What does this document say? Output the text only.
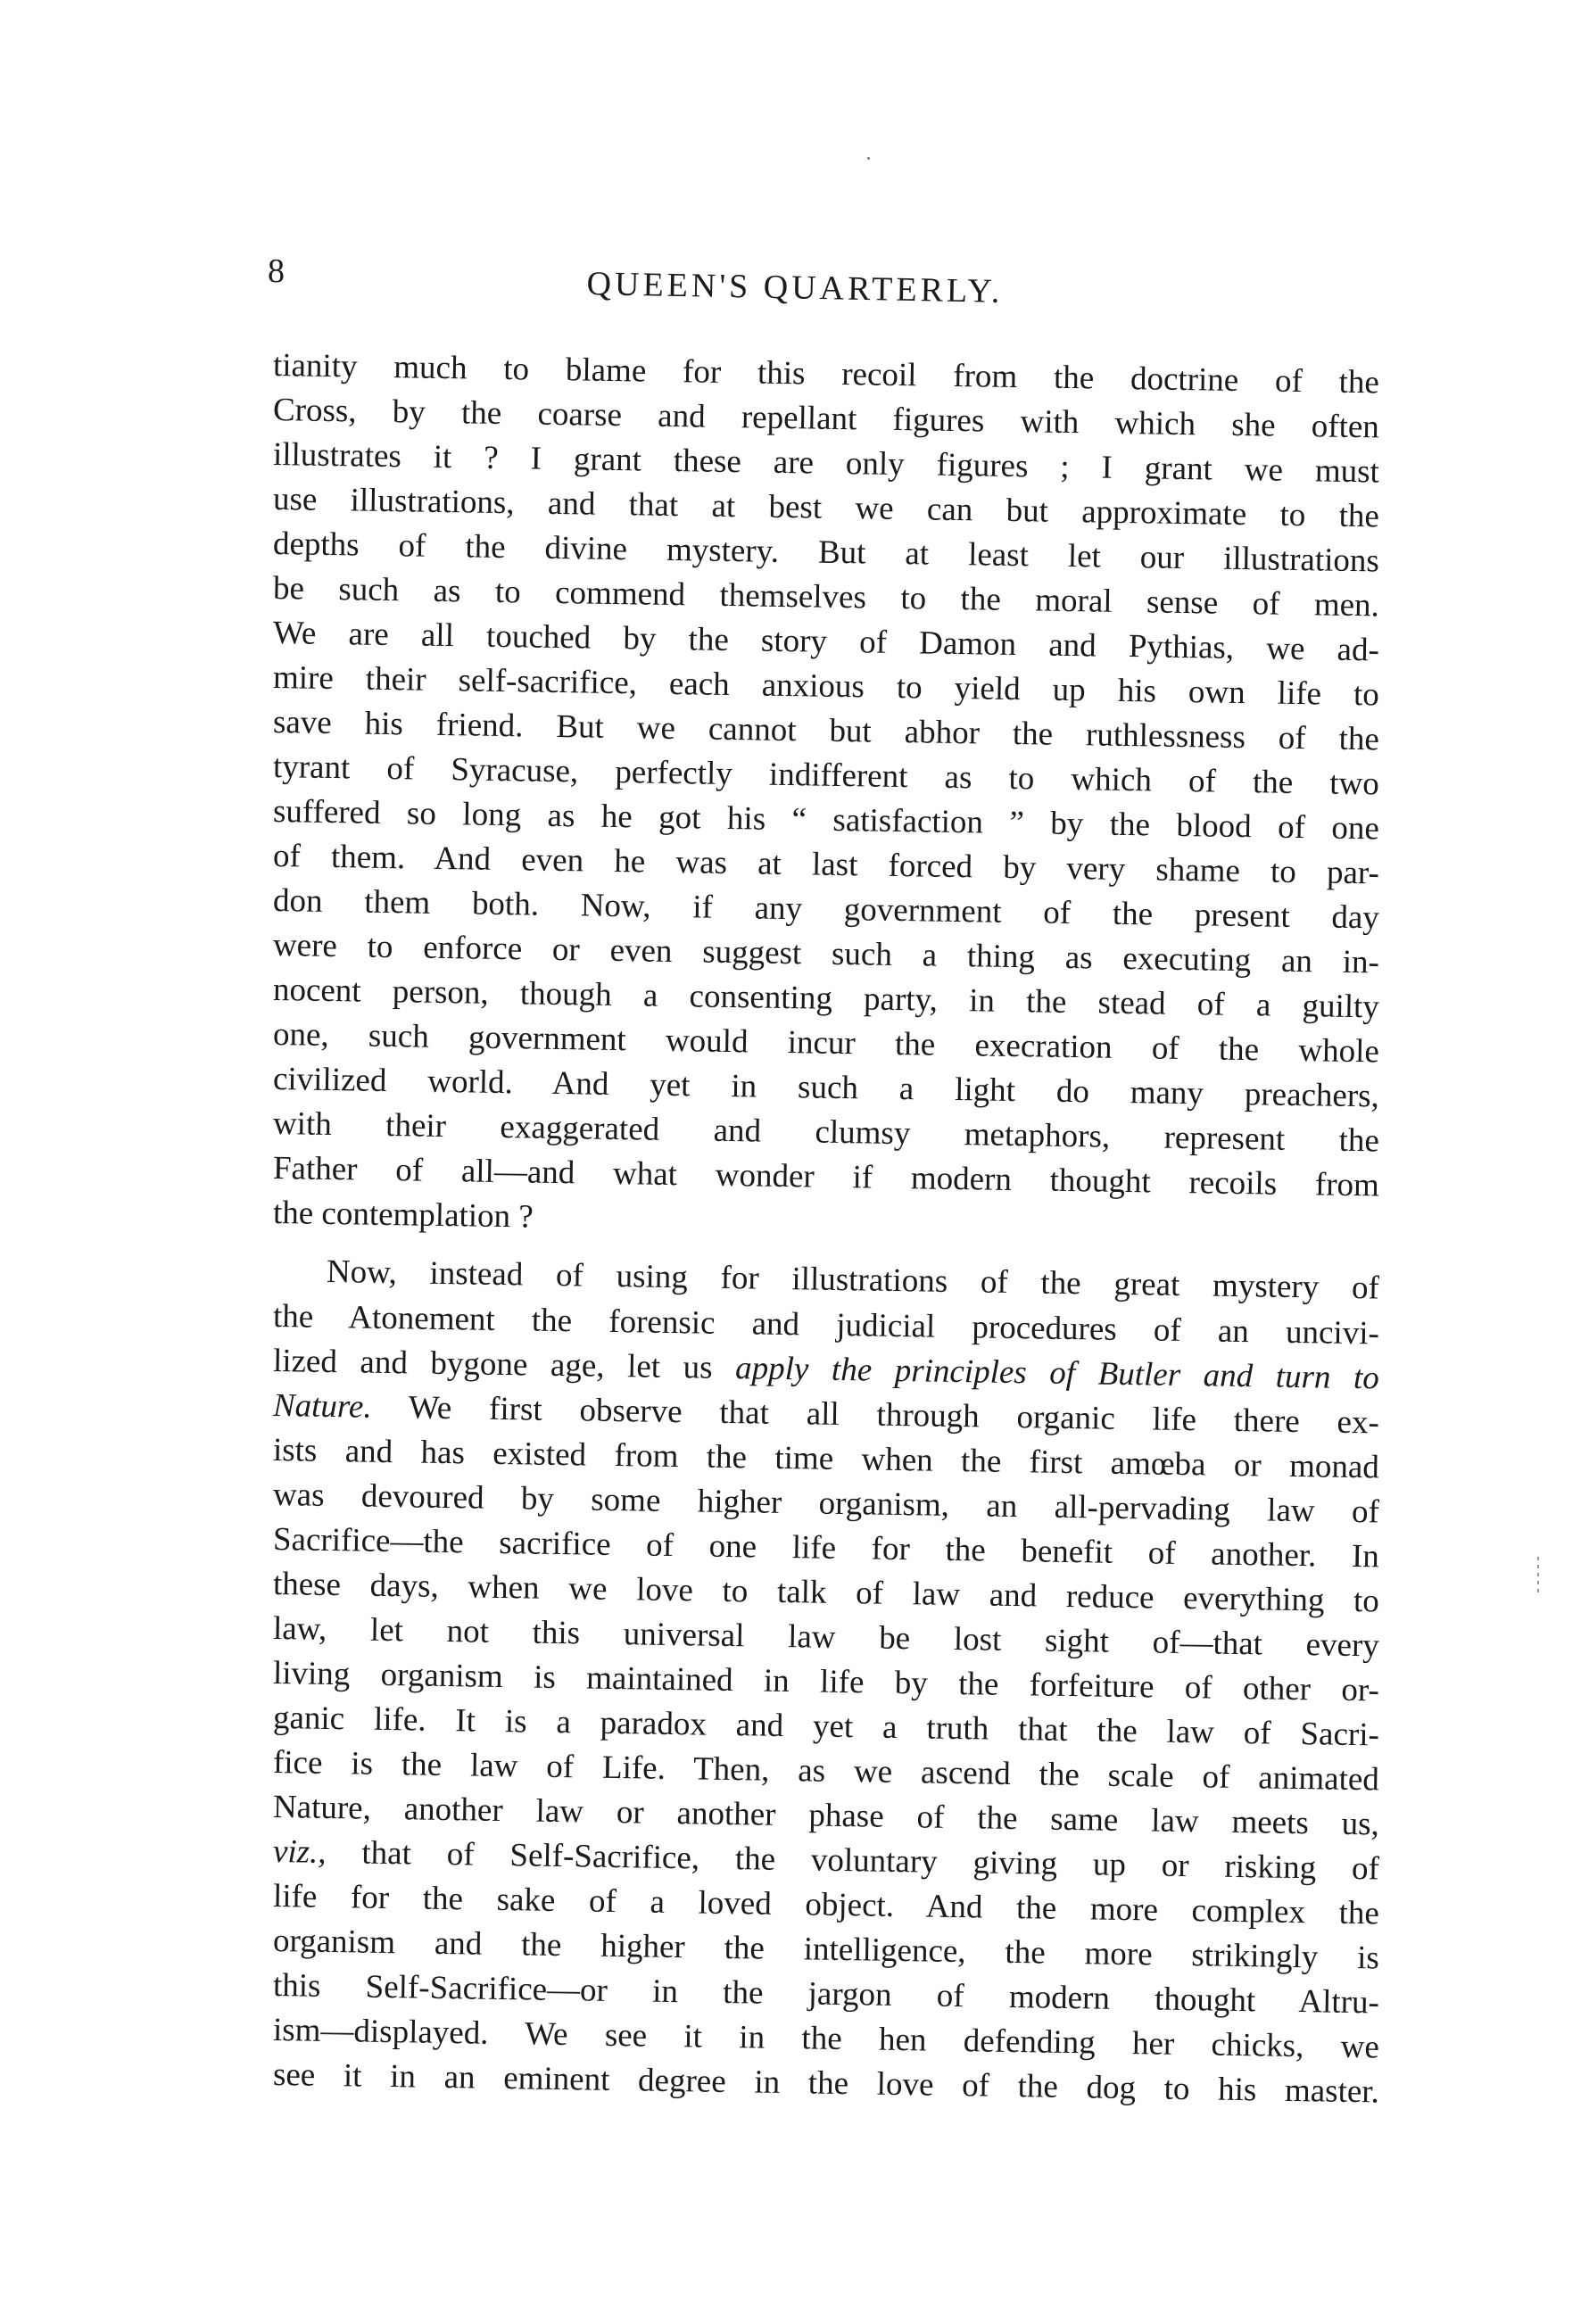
8	QUEEN'S QUARTERLY.
tianity much to blame for this recoil from the doctrine of the
Cross, by the coarse and repellant figures with which she often
illustrates it ? I grant these are only figures ; I grant we must
use illustrations, and that at best we can but approximate to the
depths of the divine mystery. But at least let our illustrations
be such as to commend themselves to the moral sense of men.
We are all touched by the story of Damon and Pythias, we ad-
mire their self-sacrifice, each anxious to yield up his own life to
save his friend. But we cannot but abhor the ruthlessness of the
tyrant of Syracuse, perfectly indifferent as to which of the two
suffered so long as he got his “ satisfaction ” by the blood of one
of them. And even he was at last forced by very shame to par-
don them both. Now, if any government of the present day
were to enforce or even suggest such a thing as executing an in-
nocent person, though a consenting party, in the stead of a guilty
one, such government would incur the execration of the whole
civilized world. And yet in such a light do many preachers,
with their exaggerated and clumsy metaphors, represent the
Father of all—and what wonder if modern thought recoils from
the contemplation ?
Now, instead of using for illustrations of the great mystery of
the Atonement the forensic and judicial procedures of an uncivi-
lized and bygone age, let us apply the principles of Butler and turn to
Nature. We first observe that all through organic life there ex-
ists and has existed from the time when the first amœba or monad
was devoured by some higher organism, an all-pervading law of
Sacrifice—the sacrifice of one life for the benefit of another. In
these days, when we love to talk of law and reduce everything to
law, let not this universal law be lost sight of—that every
living organism is maintained in life by the forfeiture of other or-
ganic life. It is a paradox and yet a truth that the law of Sacri-
fice is the law of Life. Then, as we ascend the scale of animated
Nature, another law or another phase of the same law meets us,
viz., that of Self-Sacrifice, the voluntary giving up or risking of
life for the sake of a loved object. And the more complex the
organism and the higher the intelligence, the more strikingly is
this Self-Sacrifice—or in the jargon of modern thought Altru-
ism—displayed. We see it in the hen defending her chicks, we
see it in an eminent degree in the love of the dog to his master.
